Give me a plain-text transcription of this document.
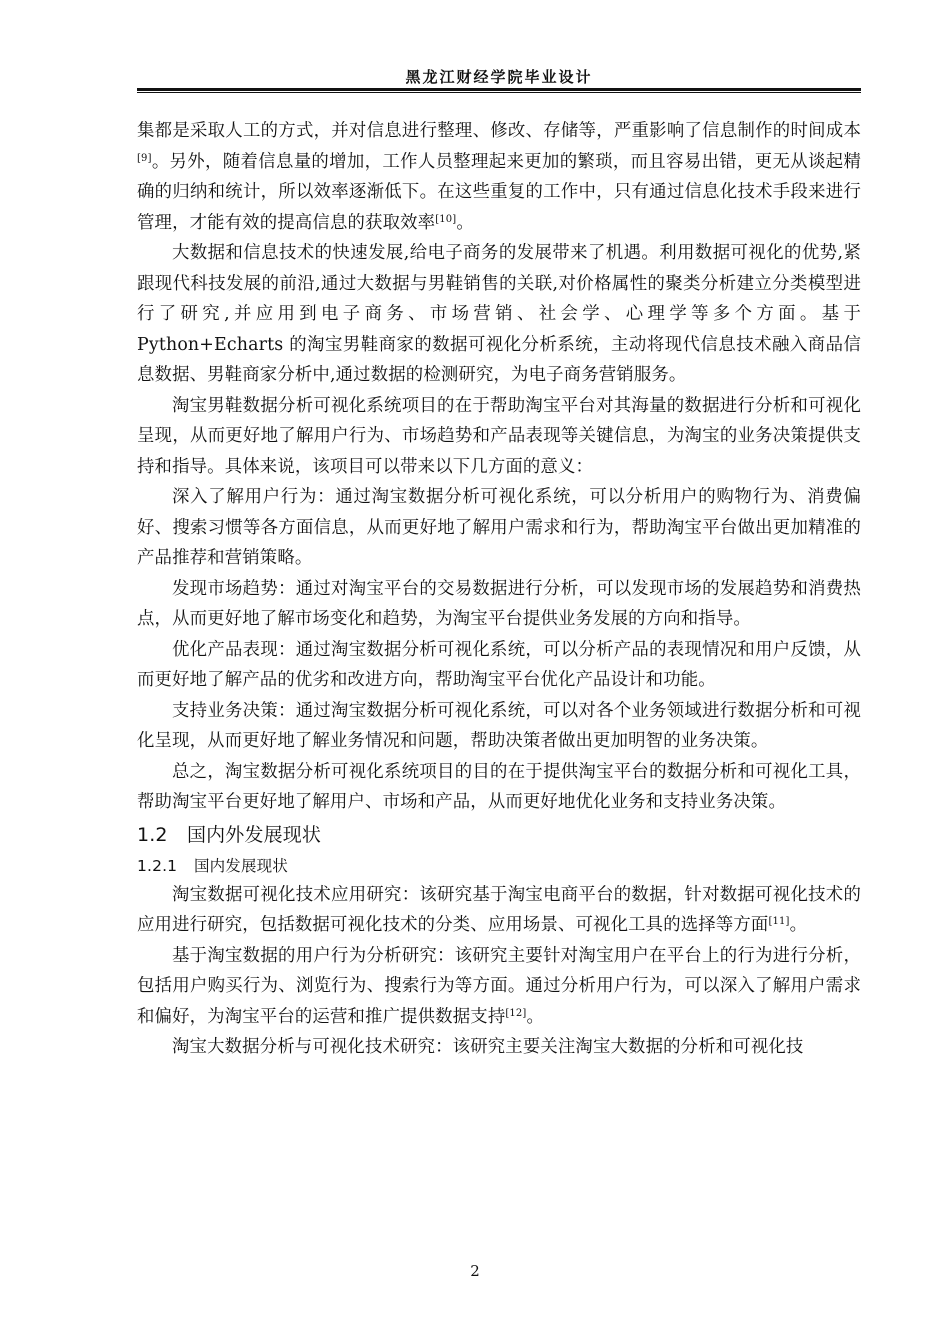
黑龙江财经学院毕业设计

集都是采取人工的方式，并对信息进行整理、修改、存储等，严重影响了信息制作的时间成本[9]。另外，随着信息量的增加，工作人员整理起来更加的繁琐，而且容易出错，更无从谈起精确的归纳和统计，所以效率逐渐低下。在这些重复的工作中，只有通过信息化技术手段来进行管理，才能有效的提高信息的获取效率[10]。

大数据和信息技术的快速发展,给电子商务的发展带来了机遇。利用数据可视化的优势,紧跟现代科技发展的前沿,通过大数据与男鞋销售的关联,对价格属性的聚类分析建立分类模型进行了研究,并应用到电子商务、市场营销、社会学、心理学等多个方面。基于 Python+Echarts 的淘宝男鞋商家的数据可视化分析系统，主动将现代信息技术融入商品信息数据、男鞋商家分析中,通过数据的检测研究，为电子商务营销服务。

淘宝男鞋数据分析可视化系统项目的在于帮助淘宝平台对其海量的数据进行分析和可视化呈现，从而更好地了解用户行为、市场趋势和产品表现等关键信息，为淘宝的业务决策提供支持和指导。具体来说，该项目可以带来以下几方面的意义：

深入了解用户行为：通过淘宝数据分析可视化系统，可以分析用户的购物行为、消费偏好、搜索习惯等各方面信息，从而更好地了解用户需求和行为，帮助淘宝平台做出更加精准的产品推荐和营销策略。

发现市场趋势：通过对淘宝平台的交易数据进行分析，可以发现市场的发展趋势和消费热点，从而更好地了解市场变化和趋势，为淘宝平台提供业务发展的方向和指导。

优化产品表现：通过淘宝数据分析可视化系统，可以分析产品的表现情况和用户反馈，从而更好地了解产品的优劣和改进方向，帮助淘宝平台优化产品设计和功能。

支持业务决策：通过淘宝数据分析可视化系统，可以对各个业务领域进行数据分析和可视化呈现，从而更好地了解业务情况和问题，帮助决策者做出更加明智的业务决策。

总之，淘宝数据分析可视化系统项目的目的在于提供淘宝平台的数据分析和可视化工具，帮助淘宝平台更好地了解用户、市场和产品，从而更好地优化业务和支持业务决策。

1.2 国内外发展现状
1.2.1 国内发展现状

淘宝数据可视化技术应用研究：该研究基于淘宝电商平台的数据，针对数据可视化技术的应用进行研究，包括数据可视化技术的分类、应用场景、可视化工具的选择等方面[11]。

基于淘宝数据的用户行为分析研究：该研究主要针对淘宝用户在平台上的行为进行分析，包括用户购买行为、浏览行为、搜索行为等方面。通过分析用户行为，可以深入了解用户需求和偏好，为淘宝平台的运营和推广提供数据支持[12]。

淘宝大数据分析与可视化技术研究：该研究主要关注淘宝大数据的分析和可视化技

2
